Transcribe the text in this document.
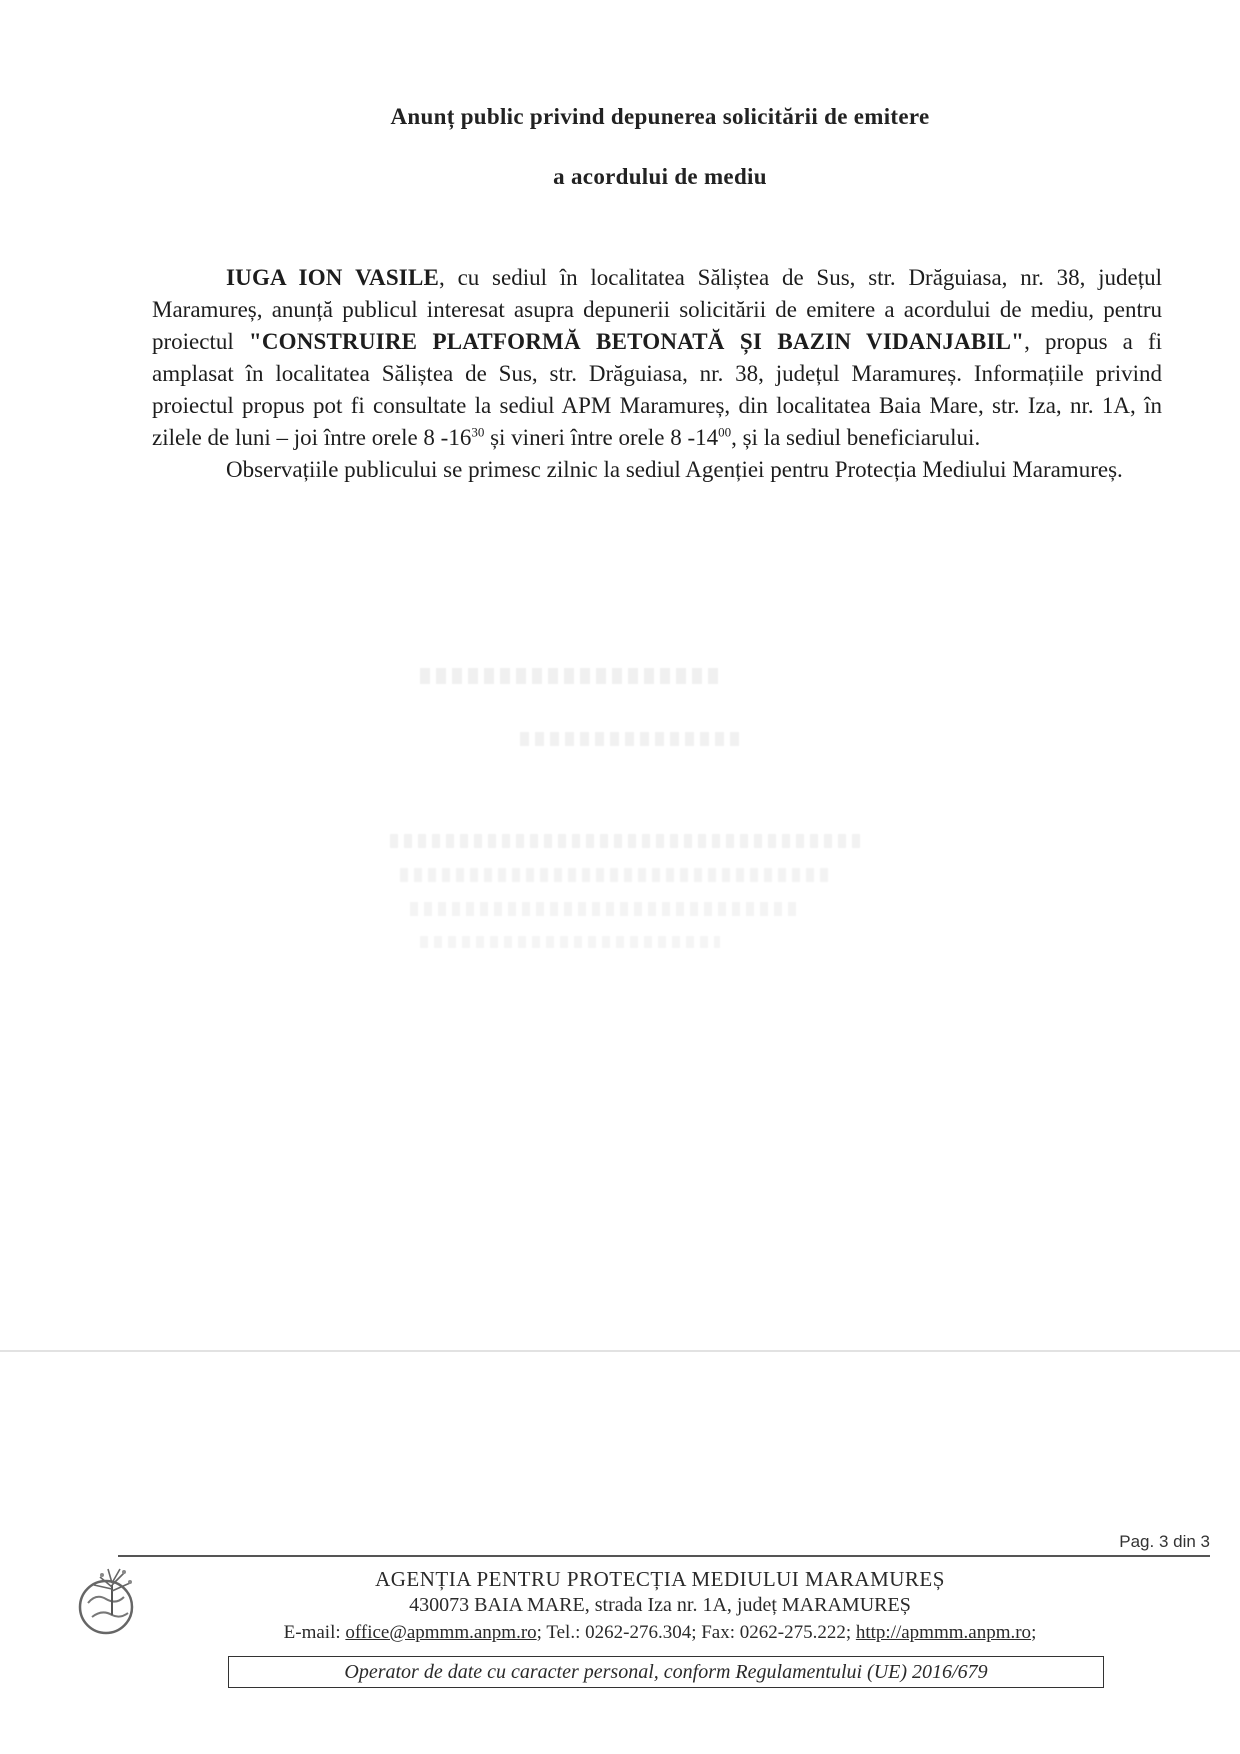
Anunț public privind depunerea solicitării de emitere
a acordului de mediu

IUGA ION VASILE, cu sediul în localitatea Sălіștea de Sus, str. Drăguiasa, nr. 38, județul Maramureș, anunță publicul interesat asupra depunerii solicitării de emitere a acordului de mediu, pentru proiectul "CONSTRUIRE PLATFORMĂ BETONATĂ ȘI BAZIN VIDANJABIL", propus a fi amplasat în localitatea Sălіștea de Sus, str. Drăguiasa, nr. 38, județul Maramureș. Informațiile privind proiectul propus pot fi consultate la sediul APM Maramureș, din localitatea Baia Mare, str. Iza, nr. 1A, în zilele de luni – joi între orele 8 $-16^{30}$ și vineri între orele 8 $-14^{00}$, și la sediul beneficiarului.

Observațiile publicului se primesc zilnic la sediul Agenției pentru Protecția Mediului Maramureș.

Pag. 3 din 3
AGENȚIA PENTRU PROTECȚIA MEDIULUI MARAMUREȘ
430073 BAIA MARE, strada Iza nr. 1A, județ MARAMUREȘ
E-mail: office@apmmm.anpm.ro; Tel.: 0262-276.304; Fax: 0262-275.222; http://apmmm.anpm.ro;
Operator de date cu caracter personal, conform Regulamentului (UE) 2016/679
